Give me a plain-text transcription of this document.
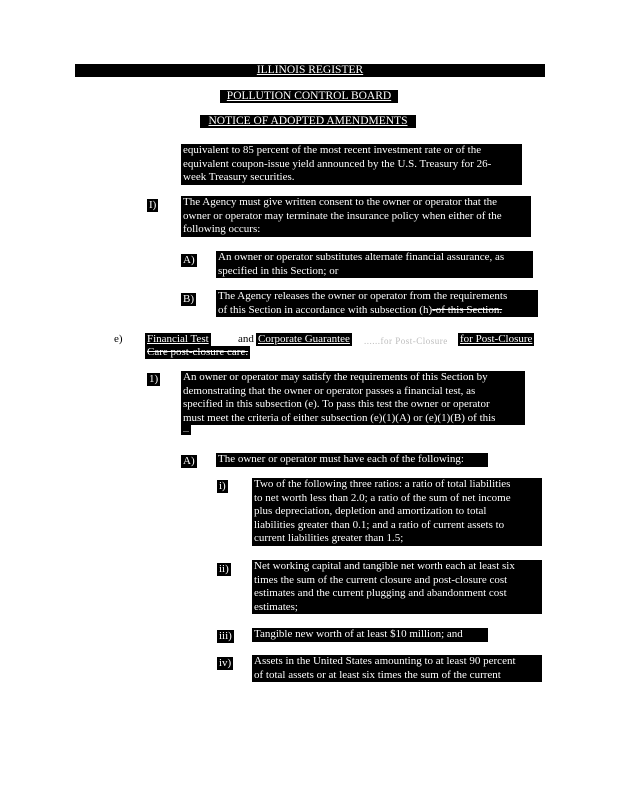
ILLINOIS REGISTER
POLLUTION CONTROL BOARD
NOTICE OF ADOPTED AMENDMENTS
equivalent to 85 percent of the most recent investment rate or of the
equivalent coupon-issue yield announced by the U.S. Treasury for 26-
week Treasury securities.
I) The Agency must give written consent to the owner or operator that the
owner or operator may terminate the insurance policy when either of the
following occurs:
A) An owner or operator substitutes alternate financial assurance, as
specified in this Section; or
B) The Agency releases the owner or operator from the requirements
of this Section in accordance with subsection (h)-of this Section.
e) Financial Test	and Corporate Guarantee ......for Post-Closure for Post-Closure
Care post-closure care.
1) An owner or operator may satisfy the requirements of this Section by
demonstrating that the owner or operator passes a financial test, as
specified in this subsection (e). To pass this test the owner or operator
must meet the criteria of either subsection (e)(1)(A) or (e)(1)(B) of this
...
A) The owner or operator must have each of the following:
i)	Two of the following three ratios: a ratio of total liabilities
to net worth less than 2.0; a ratio of the sum of net income
plus depreciation, depletion and amortization to total
liabilities greater than 0.1; and a ratio of current assets to
current liabilities greater than 1.5;
ii) Net working capital and tangible net worth each at least six
times the sum of the current closure and post-closure cost
estimates and the current plugging and abandonment cost
estimates;
iii) Tangible new worth of at least $10 million; and
iv) Assets in the United States amounting to at least 90 percent
of total assets or at least six times the sum of the current
